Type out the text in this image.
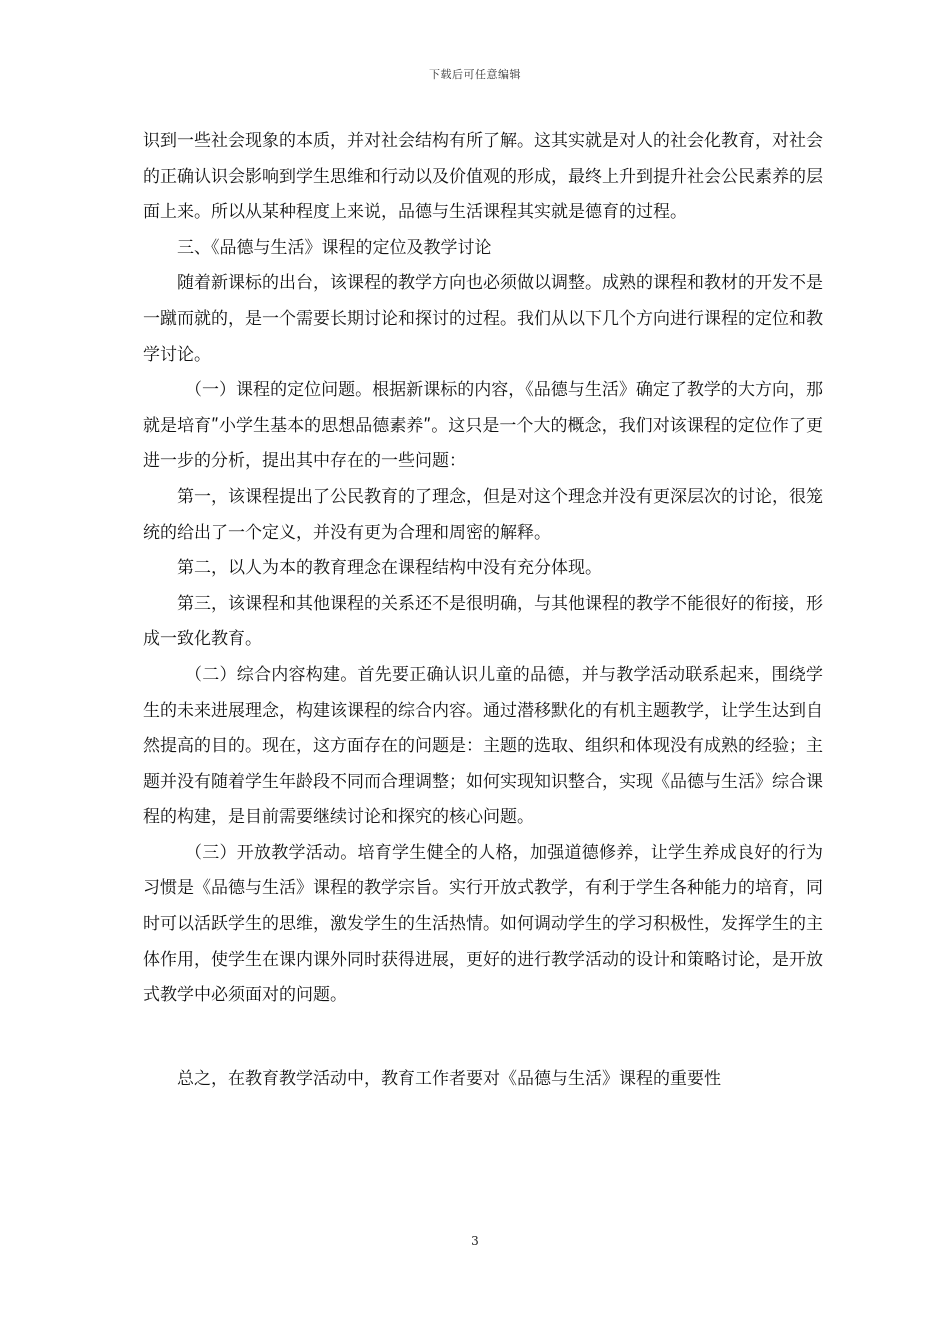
下载后可任意编辑

识到一些社会现象的本质，并对社会结构有所了解。这其实就是对人的社会化教育，对社会的正确认识会影响到学生思维和行动以及价值观的形成，最终上升到提升社会公民素养的层面上来。所以从某种程度上来说，品德与生活课程其实就是德育的过程。

三、《品德与生活》课程的定位及教学讨论

随着新课标的出台，该课程的教学方向也必须做以调整。成熟的课程和教材的开发不是一蹴而就的，是一个需要长期讨论和探讨的过程。我们从以下几个方向进行课程的定位和教学讨论。

（一）课程的定位问题。根据新课标的内容，《品德与生活》确定了教学的大方向，那就是培育ʺ小学生基本的思想品德素养ʺ。这只是一个大的概念，我们对该课程的定位作了更进一步的分析，提出其中存在的一些问题：

第一，该课程提出了公民教育的了理念，但是对这个理念并没有更深层次的讨论，很笼统的给出了一个定义，并没有更为合理和周密的解释。

第二，以人为本的教育理念在课程结构中没有充分体现。

第三，该课程和其他课程的关系还不是很明确，与其他课程的教学不能很好的衔接，形成一致化教育。

（二）综合内容构建。首先要正确认识儿童的品德，并与教学活动联系起来，围绕学生的未来进展理念，构建该课程的综合内容。通过潜移默化的有机主题教学，让学生达到自然提高的目的。现在，这方面存在的问题是：主题的选取、组织和体现没有成熟的经验；主题并没有随着学生年龄段不同而合理调整；如何实现知识整合，实现《品德与生活》综合课程的构建，是目前需要继续讨论和探究的核心问题。

（三）开放教学活动。培育学生健全的人格，加强道德修养，让学生养成良好的行为习惯是《品德与生活》课程的教学宗旨。实行开放式教学，有利于学生各种能力的培育，同时可以活跃学生的思维，激发学生的生活热情。如何调动学生的学习积极性，发挥学生的主体作用，使学生在课内课外同时获得进展，更好的进行教学活动的设计和策略讨论，是开放式教学中必须面对的问题。

总之，在教育教学活动中，教育工作者要对《品德与生活》课程的重要性

3
